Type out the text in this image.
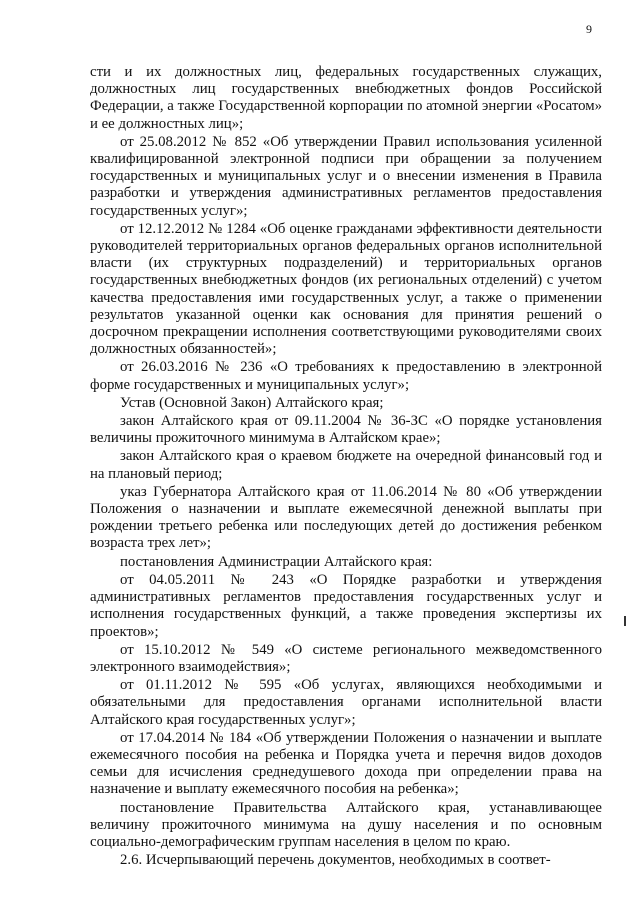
9

сти и их должностных лиц, федеральных государственных служащих, должностных лиц государственных внебюджетных фондов Российской Федерации, а также Государственной корпорации по атомной энергии «Росатом» и ее должностных лиц»;

от 25.08.2012 № 852 «Об утверждении Правил использования усиленной квалифицированной электронной подписи при обращении за получением государственных и муниципальных услуг и о внесении изменения в Правила разработки и утверждения административных регламентов предоставления государственных услуг»;

от 12.12.2012 № 1284 «Об оценке гражданами эффективности деятельности руководителей территориальных органов федеральных органов исполнительной власти (их структурных подразделений) и территориальных органов государственных внебюджетных фондов (их региональных отделений) с учетом качества предоставления ими государственных услуг, а также о применении результатов указанной оценки как основания для принятия решений о досрочном прекращении исполнения соответствующими руководителями своих должностных обязанностей»;

от 26.03.2016 № 236 «О требованиях к предоставлению в электронной форме государственных и муниципальных услуг»;

Устав (Основной Закон) Алтайского края;

закон Алтайского края от 09.11.2004 № 36-ЗС «О порядке установления величины прожиточного минимума в Алтайском крае»;

закон Алтайского края о краевом бюджете на очередной финансовый год и на плановый период;

указ Губернатора Алтайского края от 11.06.2014 № 80 «Об утверждении Положения о назначении и выплате ежемесячной денежной выплаты при рождении третьего ребенка или последующих детей до достижения ребенком возраста трех лет»;

постановления Администрации Алтайского края:

от 04.05.2011 № 243 «О Порядке разработки и утверждения административных регламентов предоставления государственных услуг и исполнения государственных функций, а также проведения экспертизы их проектов»;

от 15.10.2012 № 549 «О системе регионального межведомственного электронного взаимодействия»;

от 01.11.2012 № 595 «Об услугах, являющихся необходимыми и обязательными для предоставления органами исполнительной власти Алтайского края государственных услуг»;

от 17.04.2014 № 184 «Об утверждении Положения о назначении и выплате ежемесячного пособия на ребенка и Порядка учета и перечня видов доходов семьи для исчисления среднедушевого дохода при определении права на назначение и выплату ежемесячного пособия на ребенка»;

постановление Правительства Алтайского края, устанавливающее величину прожиточного минимума на душу населения и по основным социально-демографическим группам населения в целом по краю.

2.6. Исчерпывающий перечень документов, необходимых в соответ-
